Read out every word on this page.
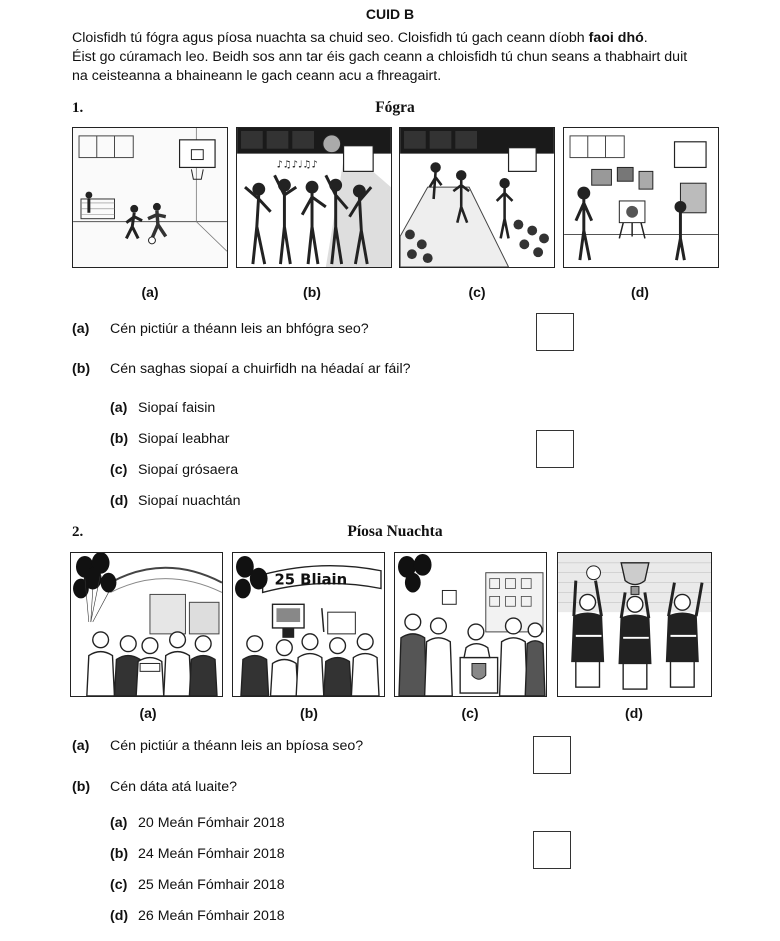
CUID B
Cloisfidh tú fógra agus píosa nuachta sa chuid seo. Cloisfidh tú gach ceann díobh faoi dhó.
Éist go cúramach leo. Beidh sos ann tar éis gach ceann a chloisfidh tú chun seans a thabhairt duit
na ceisteanna a bhaineann le gach ceann acu a fhreagairt.
1.	Fógra
♪♫♪♩♫♪
(a)	(b)	(c)	(d)
(a) Cén pictiúr a théann leis an bhfógra seo?
(b) Cén saghas siopaí a chuirfidh na héadaí ar fáil?
(a) Siopaí faisin
(b) Siopaí leabhar
(c) Siopaí grósaera
(d) Siopaí nuachtán
2.	Píosa Nuachta
25 Bliain
(a)	(b)	(c)	(d)
(a) Cén pictiúr a théann leis an bpíosa seo?
(b) Cén dáta atá luaite?
(a) 20 Meán Fómhair 2018
(b) 24 Meán Fómhair 2018
(c) 25 Meán Fómhair 2018
(d) 26 Meán Fómhair 2018
